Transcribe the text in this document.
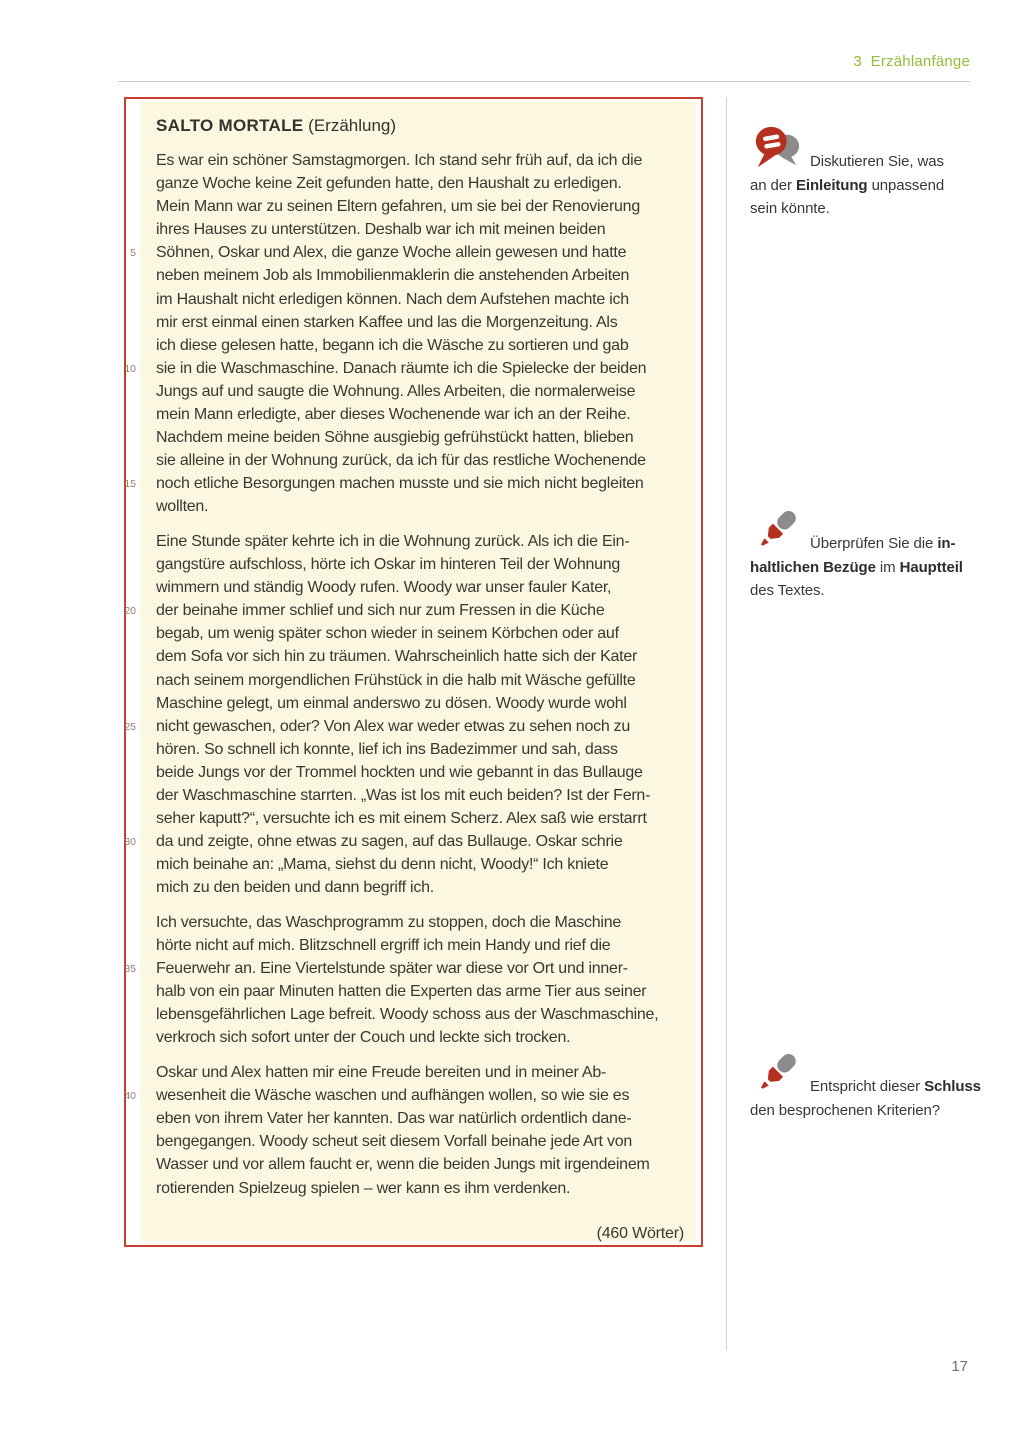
3  Erzählanfänge
SALTO MORTALE (Erzählung)
Es war ein schöner Samstagmorgen. Ich stand sehr früh auf, da ich die
ganze Woche keine Zeit gefunden hatte, den Haushalt zu erledigen.
Mein Mann war zu seinen Eltern gefahren, um sie bei der Renovierung
ihres Hauses zu unterstützen. Deshalb war ich mit meinen beiden
5 Söhnen, Oskar und Alex, die ganze Woche allein gewesen und hatte
neben meinem Job als Immobilienmaklerin die anstehenden Arbeiten
im Haushalt nicht erledigen können. Nach dem Aufstehen machte ich
mir erst einmal einen starken Kaffee und las die Morgenzeitung. Als
ich diese gelesen hatte, begann ich die Wäsche zu sortieren und gab
10 sie in die Waschmaschine. Danach räumte ich die Spielecke der beiden
Jungs auf und saugte die Wohnung. Alles Arbeiten, die normalerweise
mein Mann erledigte, aber dieses Wochenende war ich an der Reihe.
Nachdem meine beiden Söhne ausgiebig gefrühstückt hatten, blieben
sie alleine in der Wohnung zurück, da ich für das restliche Wochenende
15 noch etliche Besorgungen machen musste und sie mich nicht begleiten
wollten.
Eine Stunde später kehrte ich in die Wohnung zurück. Als ich die Ein-
gangstüre aufschloss, hörte ich Oskar im hinteren Teil der Wohnung
wimmern und ständig Woody rufen. Woody war unser fauler Kater,
20 der beinahe immer schlief und sich nur zum Fressen in die Küche
begab, um wenig später schon wieder in seinem Körbchen oder auf
dem Sofa vor sich hin zu träumen. Wahrscheinlich hatte sich der Kater
nach seinem morgendlichen Frühstück in die halb mit Wäsche gefüllte
Maschine gelegt, um einmal anderswo zu dösen. Woody wurde wohl
25 nicht gewaschen, oder? Von Alex war weder etwas zu sehen noch zu
hören. So schnell ich konnte, lief ich ins Badezimmer und sah, dass
beide Jungs vor der Trommel hockten und wie gebannt in das Bullauge
der Waschmaschine starrten. „Was ist los mit euch beiden? Ist der Fern-
seher kaputt?“, versuchte ich es mit einem Scherz. Alex saß wie erstarrt
30 da und zeigte, ohne etwas zu sagen, auf das Bullauge. Oskar schrie
mich beinahe an: „Mama, siehst du denn nicht, Woody!“ Ich kniete
mich zu den beiden und dann begriff ich.
Ich versuchte, das Waschprogramm zu stoppen, doch die Maschine
hörte nicht auf mich. Blitzschnell ergriff ich mein Handy und rief die
35 Feuerwehr an. Eine Viertelstunde später war diese vor Ort und inner-
halb von ein paar Minuten hatten die Experten das arme Tier aus seiner
lebensgefährlichen Lage befreit. Woody schoss aus der Waschmaschine,
verkroch sich sofort unter der Couch und leckte sich trocken.
Oskar und Alex hatten mir eine Freude bereiten und in meiner Ab-
40 wesenheit die Wäsche waschen und aufhängen wollen, so wie sie es
eben von ihrem Vater her kannten. Das war natürlich ordentlich dane-
bengegangen. Woody scheut seit diesem Vorfall beinahe jede Art von
Wasser und vor allem faucht er, wenn die beiden Jungs mit irgendeinem
rotierenden Spielzeug spielen – wer kann es ihm verdenken.
(460 Wörter)
Diskutieren Sie, was
an der Einleitung unpassend
sein könnte.
Überprüfen Sie die in-
haltlichen Bezüge im Hauptteil
des Textes.
Entspricht dieser Schluss
den besprochenen Kriterien?
17
